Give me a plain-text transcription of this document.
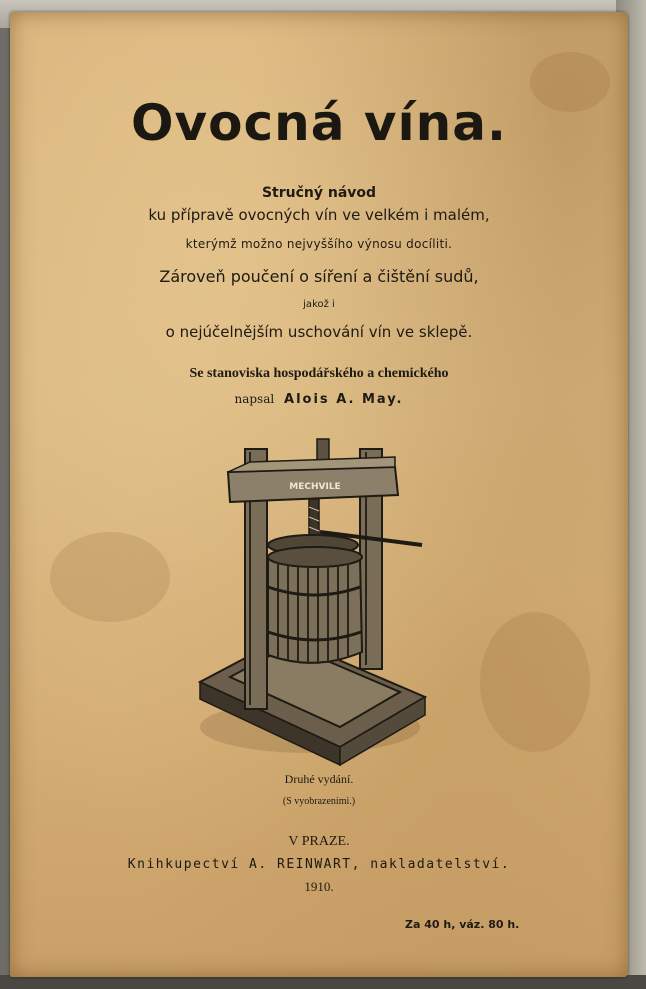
Ovocná vína.
Stručný návod
ku přípravě ovocných vín ve velkém i malém,
kterýmž možno nejvyššího výnosu docíliti.
Zároveň poučení o síření a čištění sudů,
jakož i
o nejúčelnějším uschování vín ve sklepě.
Se stanoviska hospodářského a chemického
napsal Alois A. May.
MECHVILE
Druhé vydání.
(S vyobrazeními.)
V PRAZE.
Knihkupectví A. REINWART, nakladatelství.
1910.
Za 40 h, váz. 80 h.
